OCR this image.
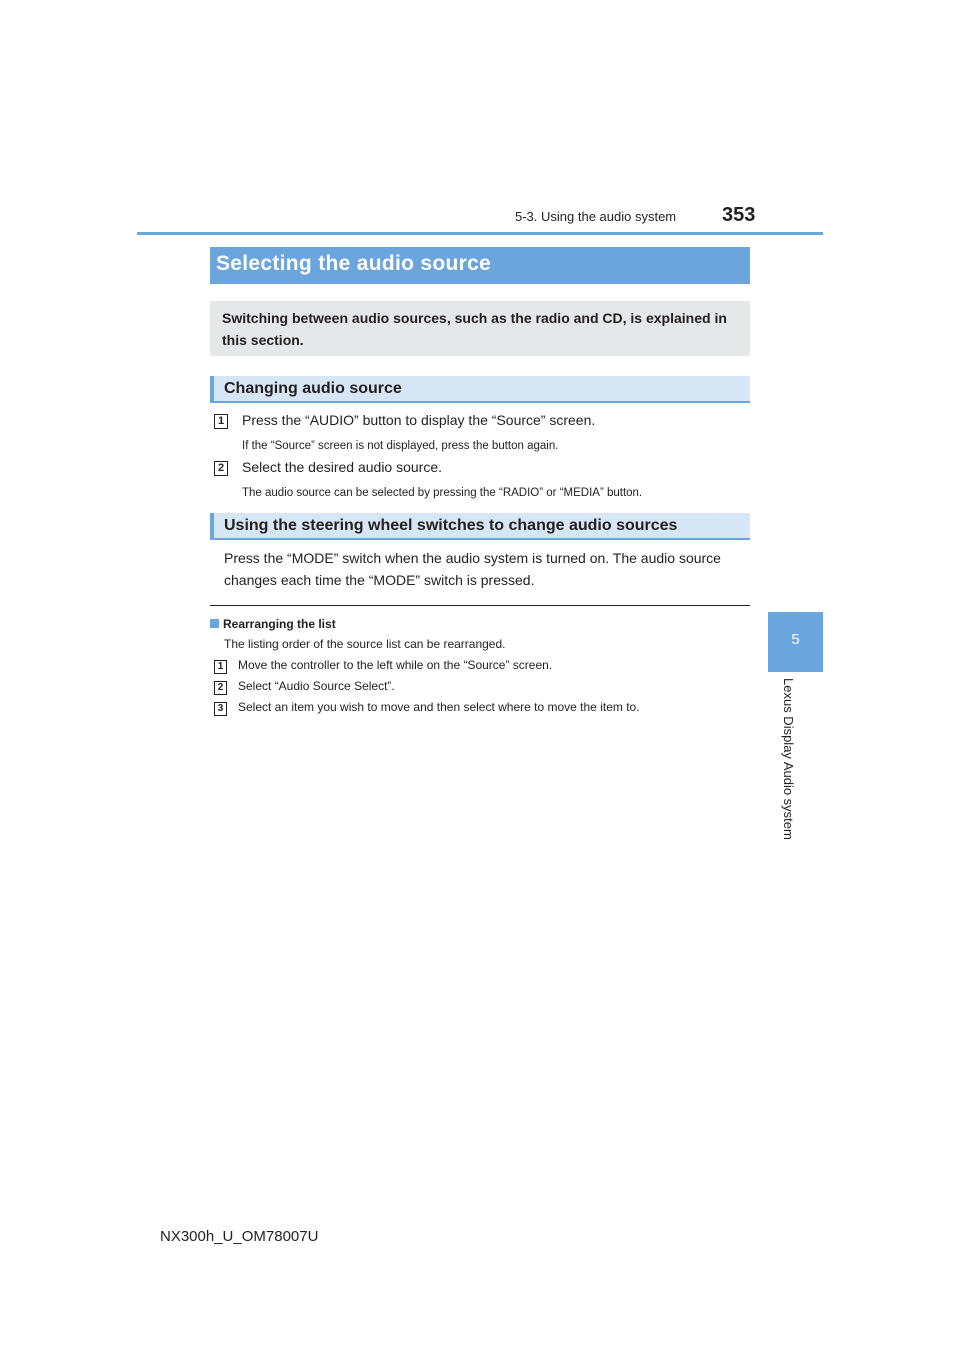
5-3. Using the audio system 353
5
Lexus Display Audio system
Selecting the audio source
Switching between audio sources, such as the radio and CD, is explained in this section.
Changing audio source
1 Press the “AUDIO” button to display the “Source” screen.
If the “Source” screen is not displayed, press the button again.
2 Select the desired audio source.
The audio source can be selected by pressing the “RADIO” or “MEDIA” button.
Using the steering wheel switches to change audio sources
Press the “MODE” switch when the audio system is turned on. The audio source changes each time the “MODE” switch is pressed.
Rearranging the list
The listing order of the source list can be rearranged.
1	Move the controller to the left while on the “Source” screen.
2	Select “Audio Source Select”.
3	Select an item you wish to move and then select where to move the item to.
NX300h_U_OM78007U
